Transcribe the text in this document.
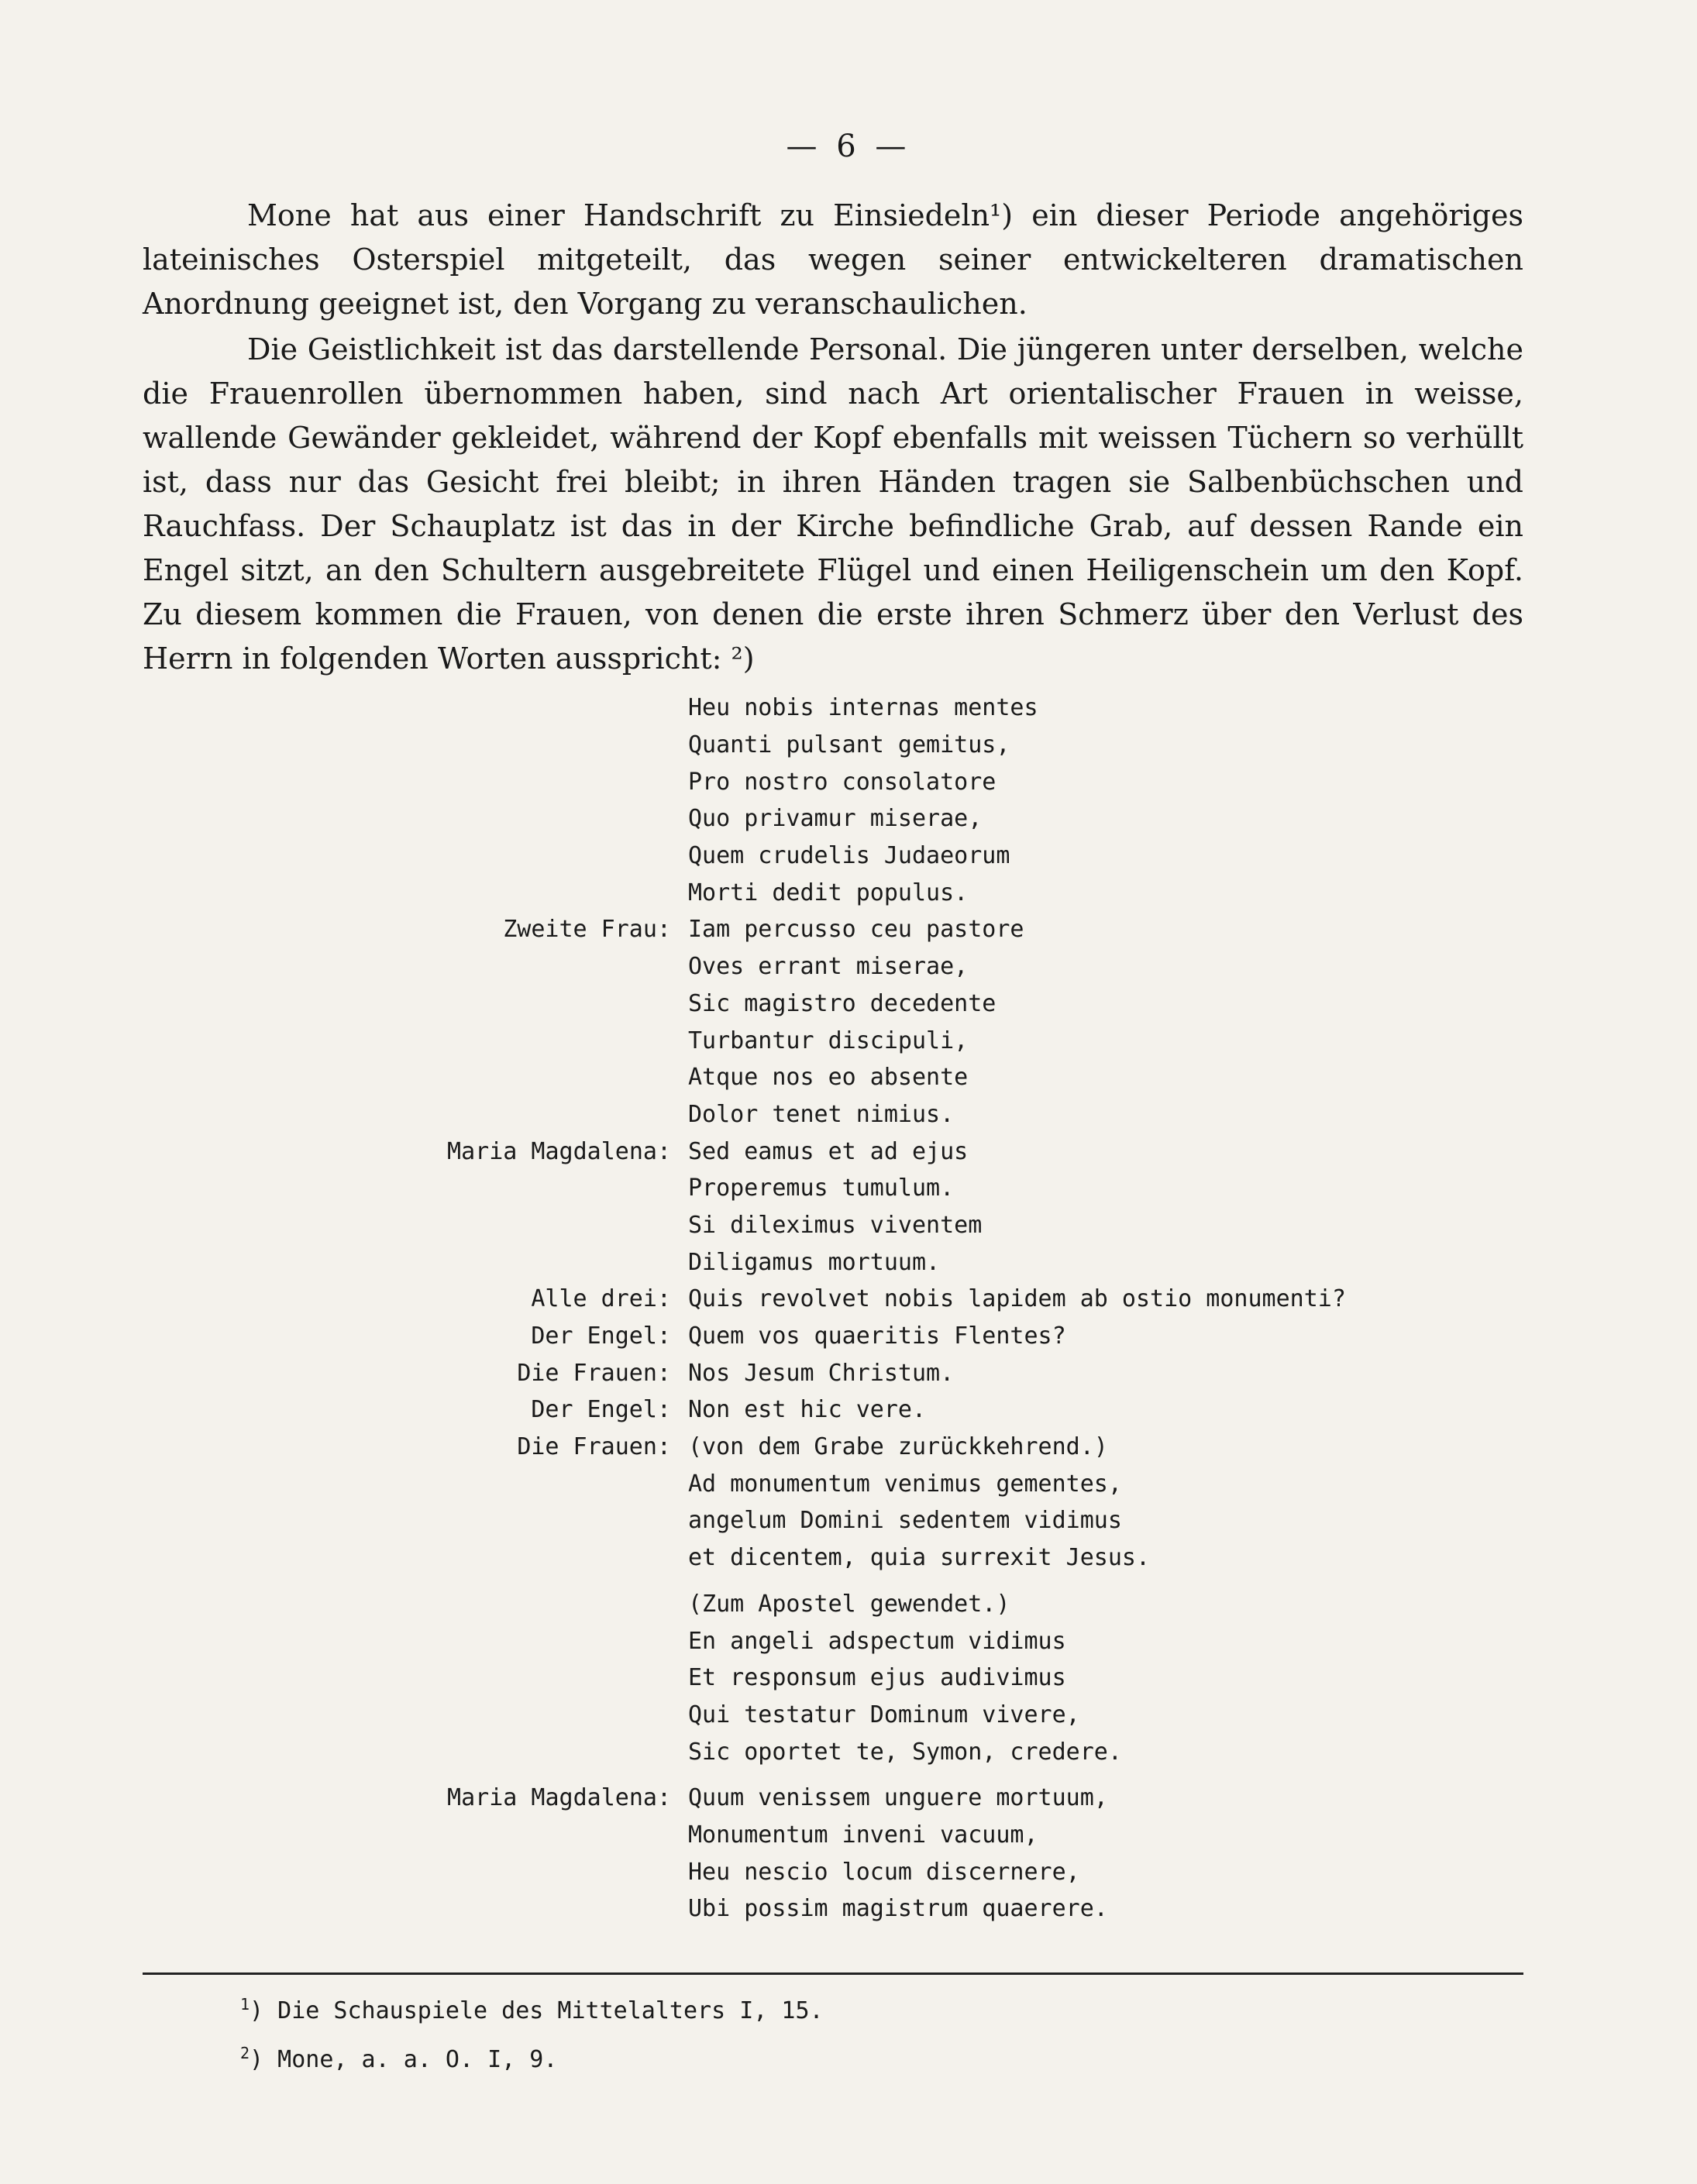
— 6 —

Mone hat aus einer Handschrift zu Einsiedeln¹) ein dieser Periode angehöriges lateinisches Osterspiel mitgeteilt, das wegen seiner entwickelteren dramatischen Anordnung geeignet ist, den Vorgang zu veranschaulichen.

Die Geistlichkeit ist das darstellende Personal. Die jüngeren unter derselben, welche die Frauenrollen übernommen haben, sind nach Art orientalischer Frauen in weisse, wallende Gewänder gekleidet, während der Kopf ebenfalls mit weissen Tüchern so verhüllt ist, dass nur das Gesicht frei bleibt; in ihren Händen tragen sie Salbenbüchschen und Rauchfass. Der Schauplatz ist das in der Kirche befindliche Grab, auf dessen Rande ein Engel sitzt, an den Schultern ausgebreitete Flügel und einen Heiligenschein um den Kopf. Zu diesem kommen die Frauen, von denen die erste ihren Schmerz über den Verlust des Herrn in folgenden Worten ausspricht: ²)

Heu nobis internas mentes
Quanti pulsant gemitus,
Pro nostro consolatore
Quo privamur miserae,
Quem crudelis Judaeorum
Morti dedit populus.
Zweite Frau: Iam percusso ceu pastore
Oves errant miserae,
Sic magistro decedente
Turbantur discipuli,
Atque nos eo absente
Dolor tenet nimius.
Maria Magdalena: Sed eamus et ad ejus
Properemus tumulum.
Si dileximus viventem
Diligamus mortuum.
Alle drei: Quis revolvet nobis lapidem ab ostio monumenti?
Der Engel: Quem vos quaeritis Flentes?
Die Frauen: Nos Jesum Christum.
Der Engel: Non est hic vere.
Die Frauen: (von dem Grabe zurückkehrend.)
Ad monumentum venimus gementes,
angelum Domini sedentem vidimus
et dicentem, quia surrexit Jesus.
(Zum Apostel gewendet.)
En angeli adspectum vidimus
Et responsum ejus audivimus
Qui testatur Dominum vivere,
Sic oportet te, Symon, credere.
Maria Magdalena: Quum venissem unguere mortuum,
Monumentum inveni vacuum,
Heu nescio locum discernere,
Ubi possim magistrum quaerere.
$^1$) Die Schauspiele des Mittelalters I, 15.
$^2$) Mone, a. a. O. I, 9.
